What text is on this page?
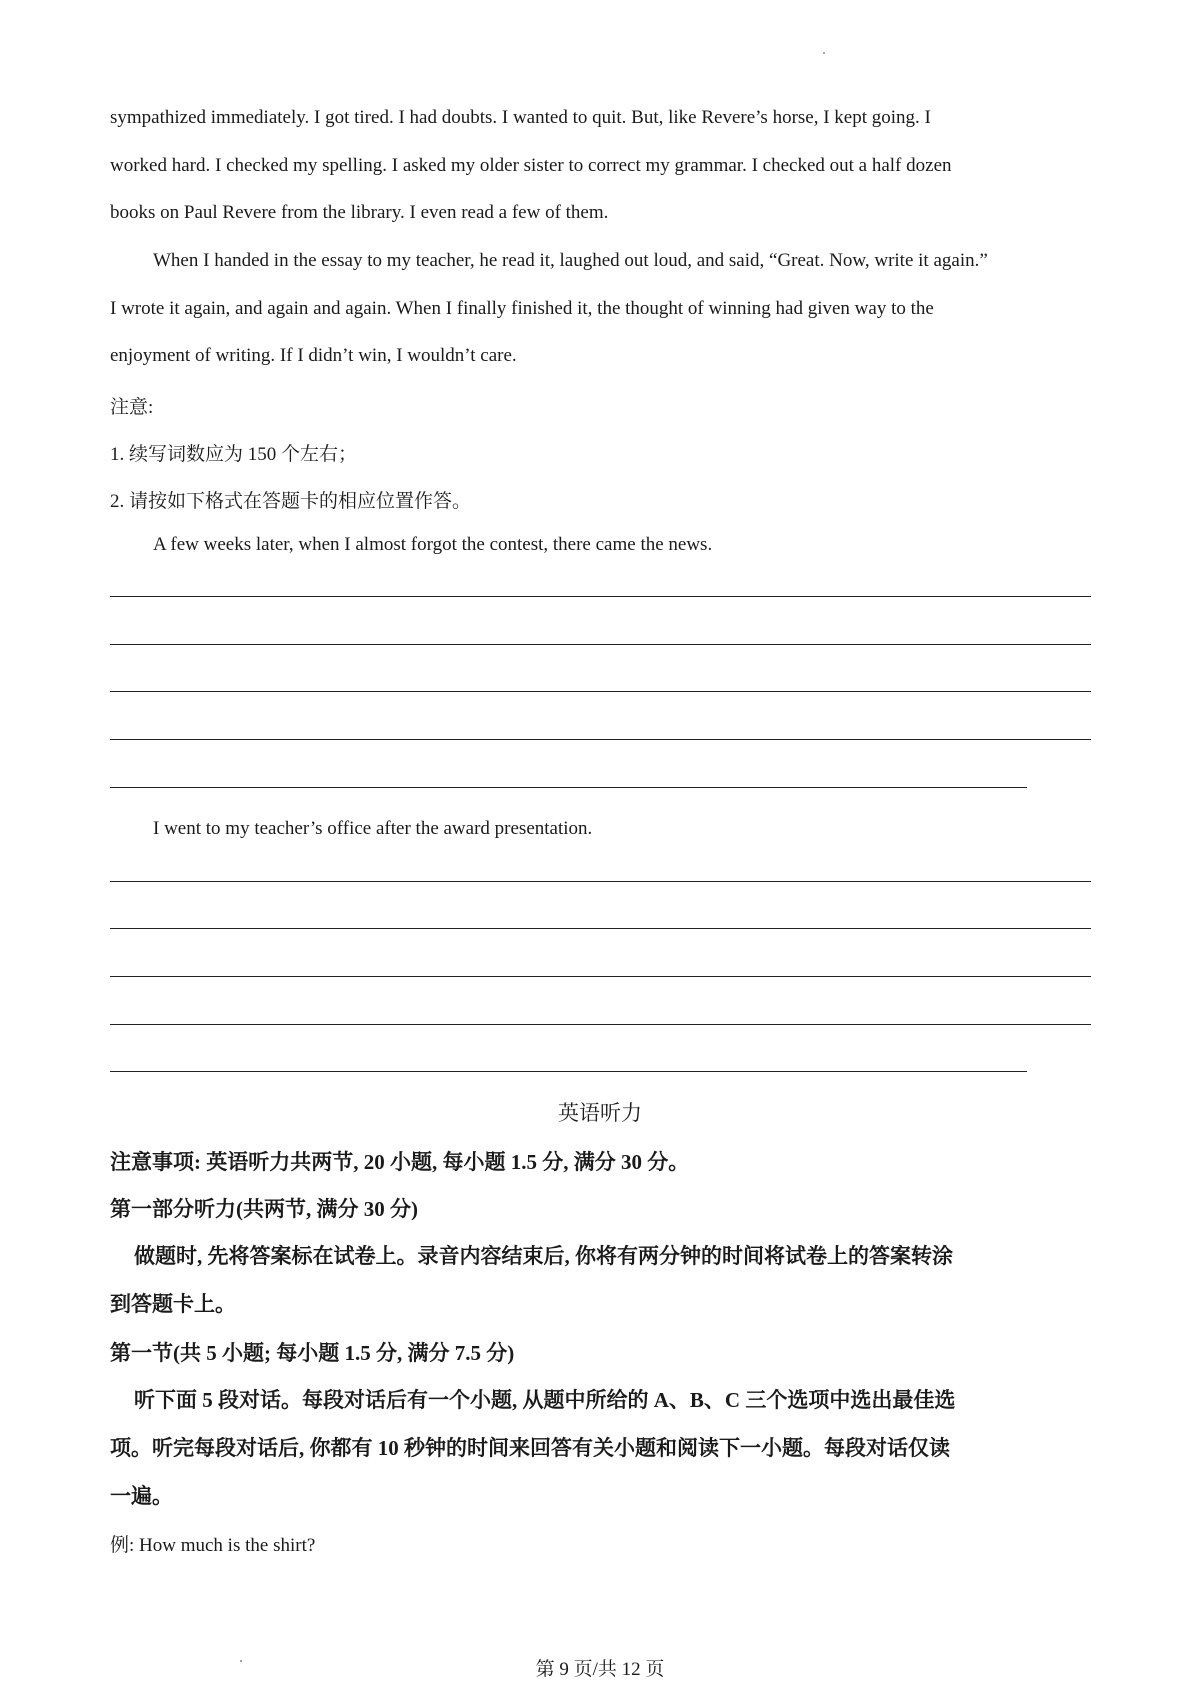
sympathized immediately. I got tired. I had doubts. I wanted to quit. But, like Revere’s horse, I kept going. I
worked hard. I checked my spelling. I asked my older sister to correct my grammar. I checked out a half dozen
books on Paul Revere from the library. I even read a few of them.
When I handed in the essay to my teacher, he read it, laughed out loud, and said, “Great. Now, write it again.”
I wrote it again, and again and again. When I finally finished it, the thought of winning had given way to the
enjoyment of writing. If I didn’t win, I wouldn’t care.

注意:

1. 续写词数应为 150 个左右；

2. 请按如下格式在答题卡的相应位置作答。

A few weeks later, when I almost forgot the contest, there came the news.

I went to my teacher’s office after the award presentation.

英语听力

注意事项: 英语听力共两节, 20 小题, 每小题 1.5 分, 满分 30 分。

第一部分听力(共两节, 满分 30 分)

做题时, 先将答案标在试卷上。录音内容结束后, 你将有两分钟的时间将试卷上的答案转涂
到答题卡上。

第一节(共 5 小题; 每小题 1.5 分, 满分 7.5 分)

听下面 5 段对话。每段对话后有一个小题, 从题中所给的 A、B、C 三个选项中选出最佳选
项。听完每段对话后, 你都有 10 秒钟的时间来回答有关小题和阅读下一小题。每段对话仅读
一遍。

例: How much is the shirt?

第 9 页/共 12 页
